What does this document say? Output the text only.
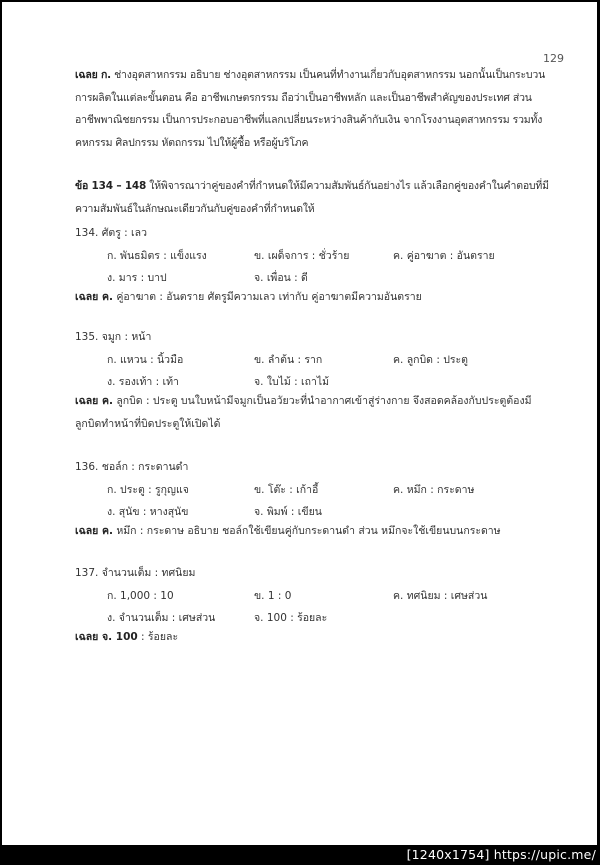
129
เฉลย ก. ช่างอุตสาหกรรม อธิบาย ช่างอุตสาหกรรม เป็นคนที่ทำงานเกี่ยวกับอุตสาหกรรม นอกนั้นเป็นกระบวนการผลิตในแต่ละขั้นตอน คือ อาชีพเกษตรกรรม ถือว่าเป็นอาชีพหลัก และเป็นอาชีพสำคัญของประเทศ ส่วนอาชีพพาณิชยกรรม เป็นการประกอบอาชีพที่แลกเปลี่ยนระหว่างสินค้ากับเงิน จากโรงงานอุตสาหกรรม รวมทั้ง คหกรรม ศิลปกรรม หัตถกรรม ไปให้ผู้ซื้อ หรือผู้บริโภค
ข้อ 134 – 148 ให้พิจารณาว่าคู่ของคำที่กำหนดให้มีความสัมพันธ์กันอย่างไร แล้วเลือกคู่ของคำในคำตอบที่มีความสัมพันธ์ในลักษณะเดียวกันกับคู่ของคำที่กำหนดให้
134. ศัตรู : เลว
ก. พันธมิตร : แข็งแรง	ข. เผด็จการ : ชั่วร้าย	ค. คู่อาฆาต : อันตราย
ง. มาร : บาป	จ. เพื่อน : ดี
เฉลย ค. คู่อาฆาต : อันตราย ศัตรูมีความเลว เท่ากับ คู่อาฆาตมีความอันตราย
135. จมูก : หน้า
ก. แหวน : นิ้วมือ	ข. ลำต้น : ราก	ค. ลูกบิด : ประตู
ง. รองเท้า : เท้า	จ. ใบไม้ : เถาไม้
เฉลย ค. ลูกบิด : ประตู บนใบหน้ามีจมูกเป็นอวัยวะที่นำอากาศเข้าสู่ร่างกาย จึงสอดคล้องกับประตูต้องมีลูกบิดทำหน้าที่บิดประตูให้เปิดได้
136. ชอล์ก : กระดานดำ
ก. ประตู : รูกุญแจ	ข. โต๊ะ : เก้าอี้	ค. หมึก : กระดาษ
ง. สุนัข : หางสุนัข	จ. พิมพ์ : เขียน
เฉลย ค. หมึก : กระดาษ อธิบาย ชอล์กใช้เขียนคู่กับกระดานดำ ส่วน หมึกจะใช้เขียนบนกระดาษ
137. จำนวนเต็ม : ทศนิยม
ก. 1,000 : 10	ข. 1 : 0	ค. ทศนิยม : เศษส่วน
ง. จำนวนเต็ม : เศษส่วน	จ. 100 : ร้อยละ
เฉลย จ. 100 : ร้อยละ
[1240x1754] https://upic.me/
